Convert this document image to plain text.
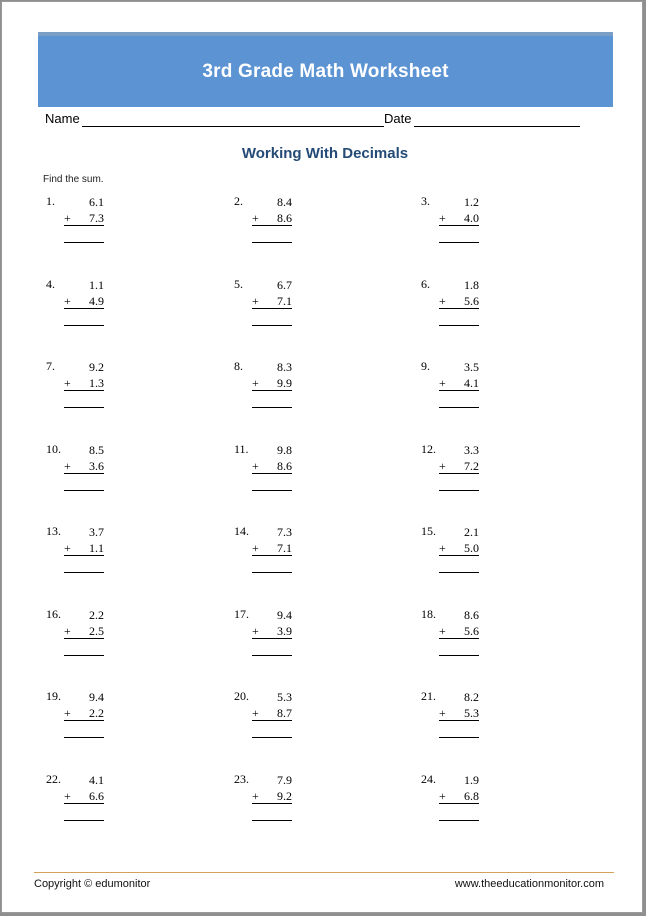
3rd Grade Math Worksheet
Name	Date
Working With Decimals
Find the sum.
1.	6.1
+	7.3
2.	8.4
+	8.6
3.	1.2
+	4.0
4.	1.1
+	4.9
5.	6.7
+	7.1
6.	1.8
+	5.6
7.	9.2
+	1.3
8.	8.3
+	9.9
9.	3.5
+	4.1
10.	8.5
+	3.6
11.	9.8
+	8.6
12.	3.3
+	7.2
13.	3.7
+	1.1
14.	7.3
+	7.1
15.	2.1
+	5.0
16.	2.2
+	2.5
17.	9.4
+	3.9
18.	8.6
+	5.6
19.	9.4
+	2.2
20.	5.3
+	8.7
21.	8.2
+	5.3
22.	4.1
+	6.6
23.	7.9
+	9.2
24.	1.9
+	6.8
Copyright © edumonitor	www.theeducationmonitor.com
